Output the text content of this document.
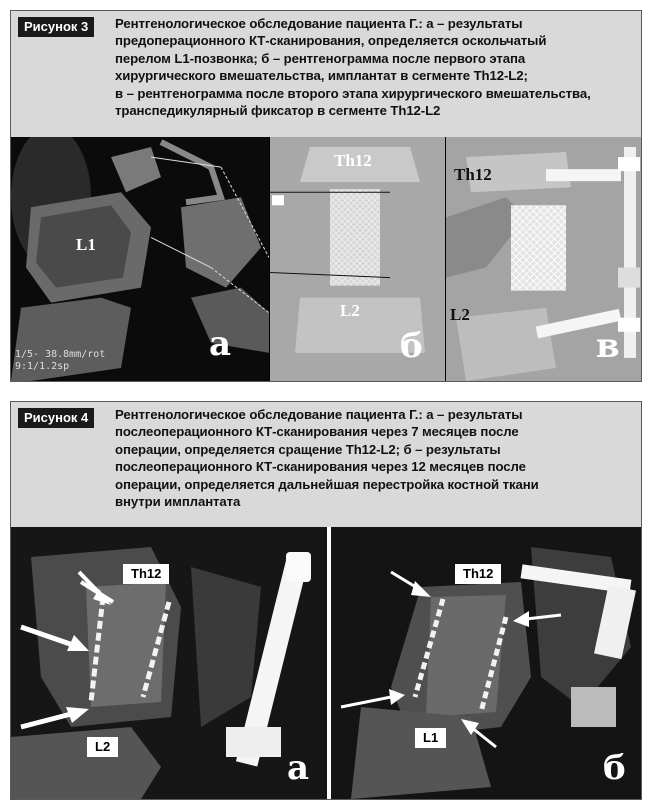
Рисунок 3	Рентгенологическое обследование пациента Г.: а – результаты
предоперационного КТ-сканирования, определяется оскольчатый
перелом L1-позвонка; б – рентгенограмма после первого этапа
хирургического вмешательства, имплантат в сегменте Th12-L2;
в – рентгенограмма после второго этапа хирургического вмешательства,
транспедикулярный фиксатор в сегменте Th12-L2
L1
1/5- 38.8mm/rot
9:1/1.2sp
а
Th12
L2
б
Th12
L2
в
Рисунок 4	Рентгенологическое обследование пациента Г.: а – результаты
послеоперационного КТ-сканирования через 7 месяцев после
операции, определяется сращение Th12-L2; б – результаты
послеоперационного КТ-сканирования через 12 месяцев после
операции, определяется дальнейшая перестройка костной ткани
внутри имплантата
Th12
L2
а
Th12
L1
б
